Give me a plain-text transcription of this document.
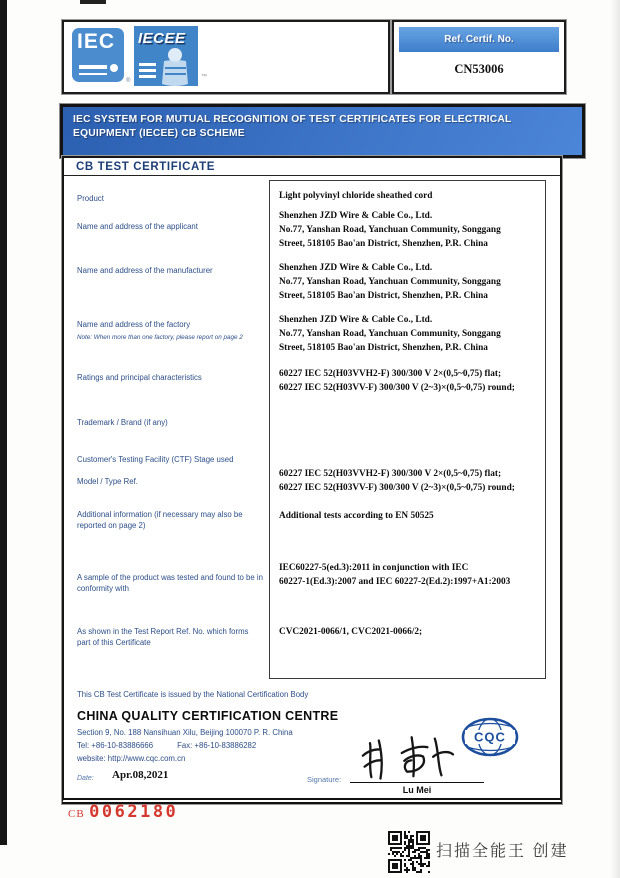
IEC
®
IECEE
™
Ref. Certif. No.
CN53006
IEC SYSTEM FOR MUTUAL RECOGNITION OF TEST CERTIFICATES FOR ELECTRICAL EQUIPMENT (IECEE) CB SCHEME
CB TEST CERTIFICATE
Product
Name and address of the applicant
Name and address of the manufacturer
Name and address of the factory
Note: When more than one factory, please report on page 2
Ratings and principal characteristics
Trademark / Brand (if any)
Customer's Testing Facility (CTF) Stage used
Model / Type Ref.
Additional information (if necessary may also be reported on page 2)
A sample of the product was tested and found to be in conformity with
As shown in the Test Report Ref. No. which forms part of this Certificate
Light polyvinyl chloride sheathed cord
Shenzhen JZD Wire & Cable Co., Ltd.
No.77, Yanshan Road, Yanchuan Community, Songgang
Street, 518105 Bao'an District, Shenzhen, P.R. China
Shenzhen JZD Wire & Cable Co., Ltd.
No.77, Yanshan Road, Yanchuan Community, Songgang
Street, 518105 Bao'an District, Shenzhen, P.R. China
Shenzhen JZD Wire & Cable Co., Ltd.
No.77, Yanshan Road, Yanchuan Community, Songgang
Street, 518105 Bao'an District, Shenzhen, P.R. China
60227 IEC 52(H03VVH2-F) 300/300 V 2×(0,5~0,75) flat;
60227 IEC 52(H03VV-F) 300/300 V (2~3)×(0,5~0,75) round;
60227 IEC 52(H03VVH2-F) 300/300 V 2×(0,5~0,75) flat;
60227 IEC 52(H03VV-F) 300/300 V (2~3)×(0,5~0,75) round;
Additional tests according to EN 50525
IEC60227-5(ed.3):2011 in conjunction with IEC
60227-1(Ed.3):2007 and IEC 60227-2(Ed.2):1997+A1:2003
CVC2021-0066/1, CVC2021-0066/2;
This CB Test Certificate is issued by the National Certification Body
CHINA QUALITY CERTIFICATION CENTRE
Section 9, No. 188 Nansihuan Xilu, Beijing 100070 P. R. China
Tel: +86-10-83886666	Fax: +86-10-83886282
website: http://www.cqc.com.cn
Date: Apr.08,2021	Signature:
Lu Mei
CQC
CB 0062180
扫描全能王 创建
